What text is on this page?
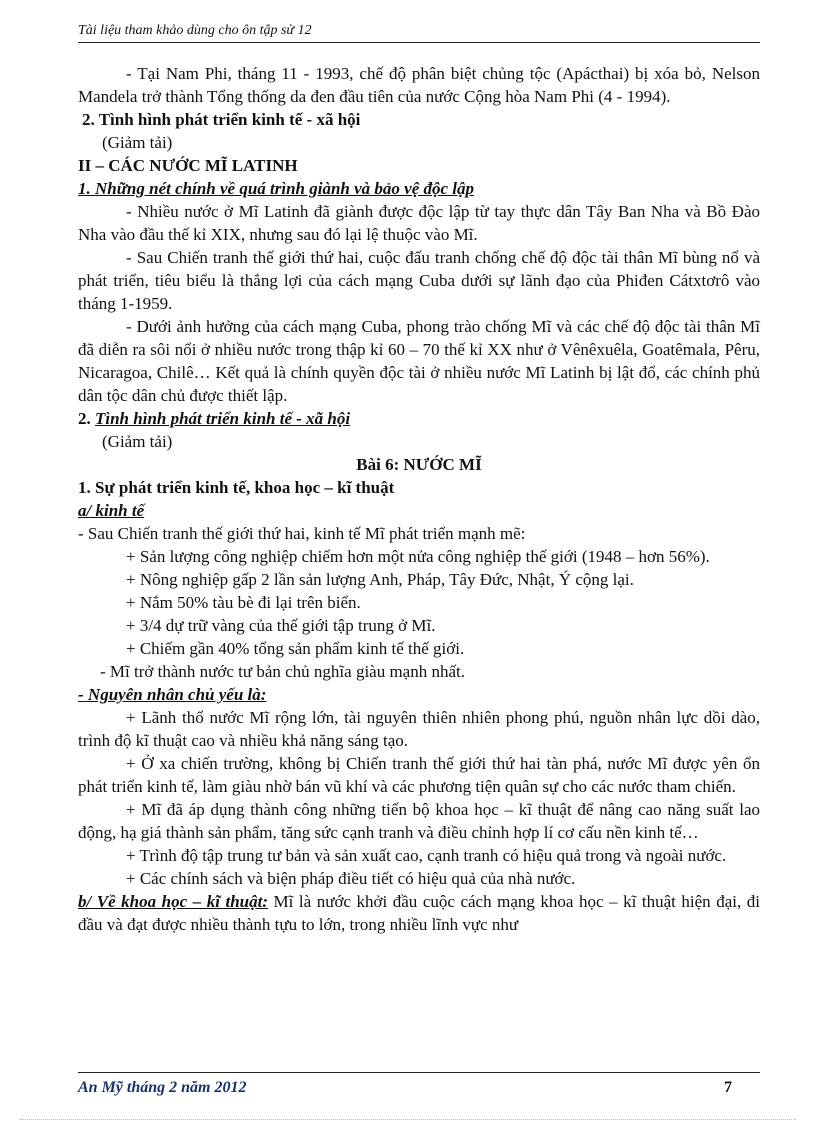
Tài liệu tham khảo dùng cho ôn tập sử 12

- Tại Nam Phi, tháng 11 - 1993, chế độ phân biệt chủng tộc (Apácthai) bị xóa bỏ, Nelson Mandela trở thành Tổng thống da đen đầu tiên của nước Cộng hòa Nam Phi (4 - 1994).

2. Tình hình phát triển kinh tế - xã hội

(Giảm tải)

II – CÁC NƯỚC MĨ LATINH

1. Những nét chính về quá trình giành và bảo vệ độc lập

- Nhiều nước ở Mĩ Latinh đã giành được độc lập từ tay thực dân Tây Ban Nha và Bồ Đào Nha vào đầu thế kỉ XIX, nhưng sau đó lại lệ thuộc vào Mĩ.

- Sau Chiến tranh thế giới thứ hai, cuộc đấu tranh chống chế độ độc tài thân Mĩ bùng nổ và phát triển, tiêu biểu là thắng lợi của cách mạng Cuba dưới sự lãnh đạo của Phiđen Cátxtơrô vào tháng 1-1959.

- Dưới ảnh hưởng của cách mạng Cuba, phong trào chống Mĩ và các chế độ độc tài thân Mĩ đã diễn ra sôi nổi ở nhiều nước trong thập kỉ 60 – 70 thế kỉ XX như ở Vênêxuêla, Goatêmala, Pêru, Nicaragoa, Chilê… Kết quả là chính quyền độc tài ở nhiều nước Mĩ Latinh bị lật đổ, các chính phủ dân tộc dân chủ được thiết lập.

2. Tình hình phát triển kinh tế - xã hội

(Giảm tải)

Bài 6: NƯỚC MĨ

1. Sự phát triển kinh tế, khoa học – kĩ thuật

a/ kinh tế

- Sau Chiến tranh thế giới thứ hai, kinh tế Mĩ phát triển mạnh mẽ:

+ Sản lượng công nghiệp chiếm hơn một nửa công nghiệp thế giới (1948 – hơn 56%).

+ Nông nghiệp gấp 2 lần sản lượng Anh, Pháp, Tây Đức, Nhật, Ý cộng lại.

+ Nắm 50% tàu bè đi lại trên biển.

+ 3/4 dự trữ vàng của thế giới tập trung ở Mĩ.

+ Chiếm gần 40% tổng sản phẩm kinh tế thế giới.

- Mĩ trở thành nước tư bản chủ nghĩa giàu mạnh nhất.

- Nguyên nhân chủ yếu là:

+ Lãnh thổ nước Mĩ rộng lớn, tài nguyên thiên nhiên phong phú, nguồn nhân lực dồi dào, trình độ kĩ thuật cao và nhiều khả năng sáng tạo.

+ Ở xa chiến trường, không bị Chiến tranh thế giới thứ hai tàn phá, nước Mĩ được yên ổn phát triển kinh tế, làm giàu nhờ bán vũ khí và các phương tiện quân sự cho các nước tham chiến.

+ Mĩ đã áp dụng thành công những tiến bộ khoa học – kĩ thuật để nâng cao năng suất lao động, hạ giá thành sản phẩm, tăng sức cạnh tranh và điều chỉnh hợp lí cơ cấu nền kinh tế…

+ Trình độ tập trung tư bản và sản xuất cao, cạnh tranh có hiệu quả trong và ngoài nước.

+ Các chính sách và biện pháp điều tiết có hiệu quả của nhà nước.

b/ Về khoa học – kĩ thuật: Mĩ là nước khởi đầu cuộc cách mạng khoa học – kĩ thuật hiện đại, đi đầu và đạt được nhiều thành tựu to lớn, trong nhiều lĩnh vực như

An Mỹ tháng 2 năm 2012	7
